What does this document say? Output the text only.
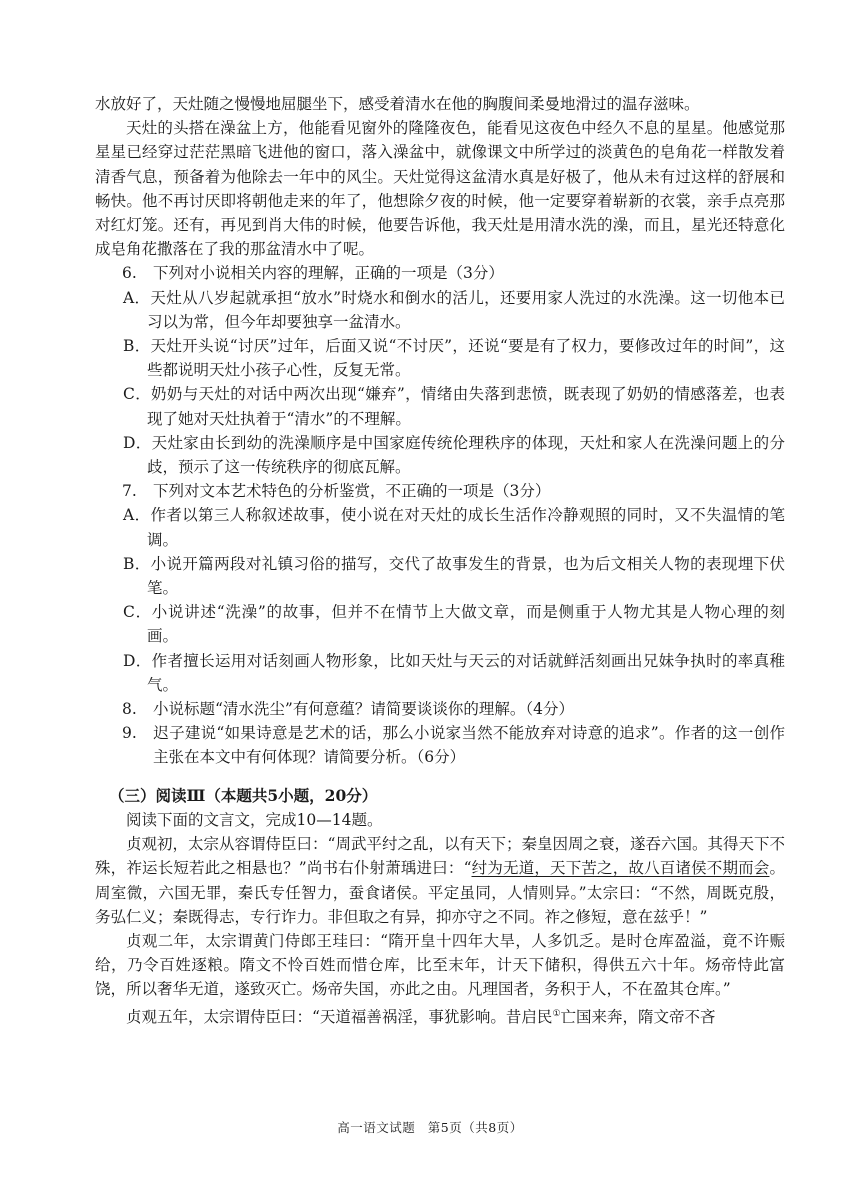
水放好了，天灶随之慢慢地屈腿坐下，感受着清水在他的胸腹间柔曼地滑过的温存滋味。

天灶的头搭在澡盆上方，他能看见窗外的隆隆夜色，能看见这夜色中经久不息的星星。他感觉那星星已经穿过茫茫黑暗飞进他的窗口，落入澡盆中，就像课文中所学过的淡黄色的皂角花一样散发着清香气息，预备着为他除去一年中的风尘。天灶觉得这盆清水真是好极了，他从未有过这样的舒展和畅快。他不再讨厌即将朝他走来的年了，他想除夕夜的时候，他一定要穿着崭新的衣裳，亲手点亮那对红灯笼。还有，再见到肖大伟的时候，他要告诉他，我天灶是用清水洗的澡，而且，星光还特意化成皂角花撒落在了我的那盆清水中了呢。

6. 下列对小说相关内容的理解，正确的一项是（3分）

A．天灶从八岁起就承担“放水”时烧水和倒水的活儿，还要用家人洗过的水洗澡。这一切他本已习以为常，但今年却要独享一盆清水。

B．天灶开头说“讨厌”过年，后面又说“不讨厌”，还说“要是有了权力，要修改过年的时间”，这些都说明天灶小孩子心性，反复无常。

C．奶奶与天灶的对话中两次出现“嫌弃”，情绪由失落到悲愤，既表现了奶奶的情感落差，也表现了她对天灶执着于“清水”的不理解。

D．天灶家由长到幼的洗澡顺序是中国家庭传统伦理秩序的体现，天灶和家人在洗澡问题上的分歧，预示了这一传统秩序的彻底瓦解。

7. 下列对文本艺术特色的分析鉴赏，不正确的一项是（3分）

A．作者以第三人称叙述故事，使小说在对天灶的成长生活作冷静观照的同时，又不失温情的笔调。

B．小说开篇两段对礼镇习俗的描写，交代了故事发生的背景，也为后文相关人物的表现埋下伏笔。

C．小说讲述“洗澡”的故事，但并不在情节上大做文章，而是侧重于人物尤其是人物心理的刻画。

D．作者擅长运用对话刻画人物形象，比如天灶与天云的对话就鲜活刻画出兄妹争执时的率真稚气。

8. 小说标题“清水洗尘”有何意蕴？请简要谈谈你的理解。（4分）

9. 迟子建说“如果诗意是艺术的话，那么小说家当然不能放弃对诗意的追求”。作者的这一创作主张在本文中有何体现？请简要分析。（6分）

（三）阅读Ⅲ（本题共5小题，20分）

阅读下面的文言文，完成10—14题。

贞观初，太宗从容谓侍臣曰：“周武平纣之乱，以有天下；秦皇因周之衰，遂吞六国。其得天下不殊，祚运长短若此之相悬也？”尚书右仆射萧瑀进曰：“纣为无道，天下苦之，故八百诸侯不期而会。周室微，六国无罪，秦氏专任智力，蚕食诸侯。平定虽同，人情则异。”太宗曰：“不然，周既克殷，务弘仁义；秦既得志，专行诈力。非但取之有异，抑亦守之不同。祚之修短，意在兹乎！”

贞观二年，太宗谓黄门侍郎王珪曰：“隋开皇十四年大旱，人多饥乏。是时仓库盈溢，竟不许赈给，乃令百姓逐粮。隋文不怜百姓而惜仓库，比至末年，计天下储积，得供五六十年。炀帝恃此富饶，所以奢华无道，遂致灭亡。炀帝失国，亦此之由。凡理国者，务积于人，不在盈其仓库。”

贞观五年，太宗谓侍臣曰：“天道福善祸淫，事犹影响。昔启民①亡国来奔，隋文帝不吝

高一语文试题 第5页（共8页）
